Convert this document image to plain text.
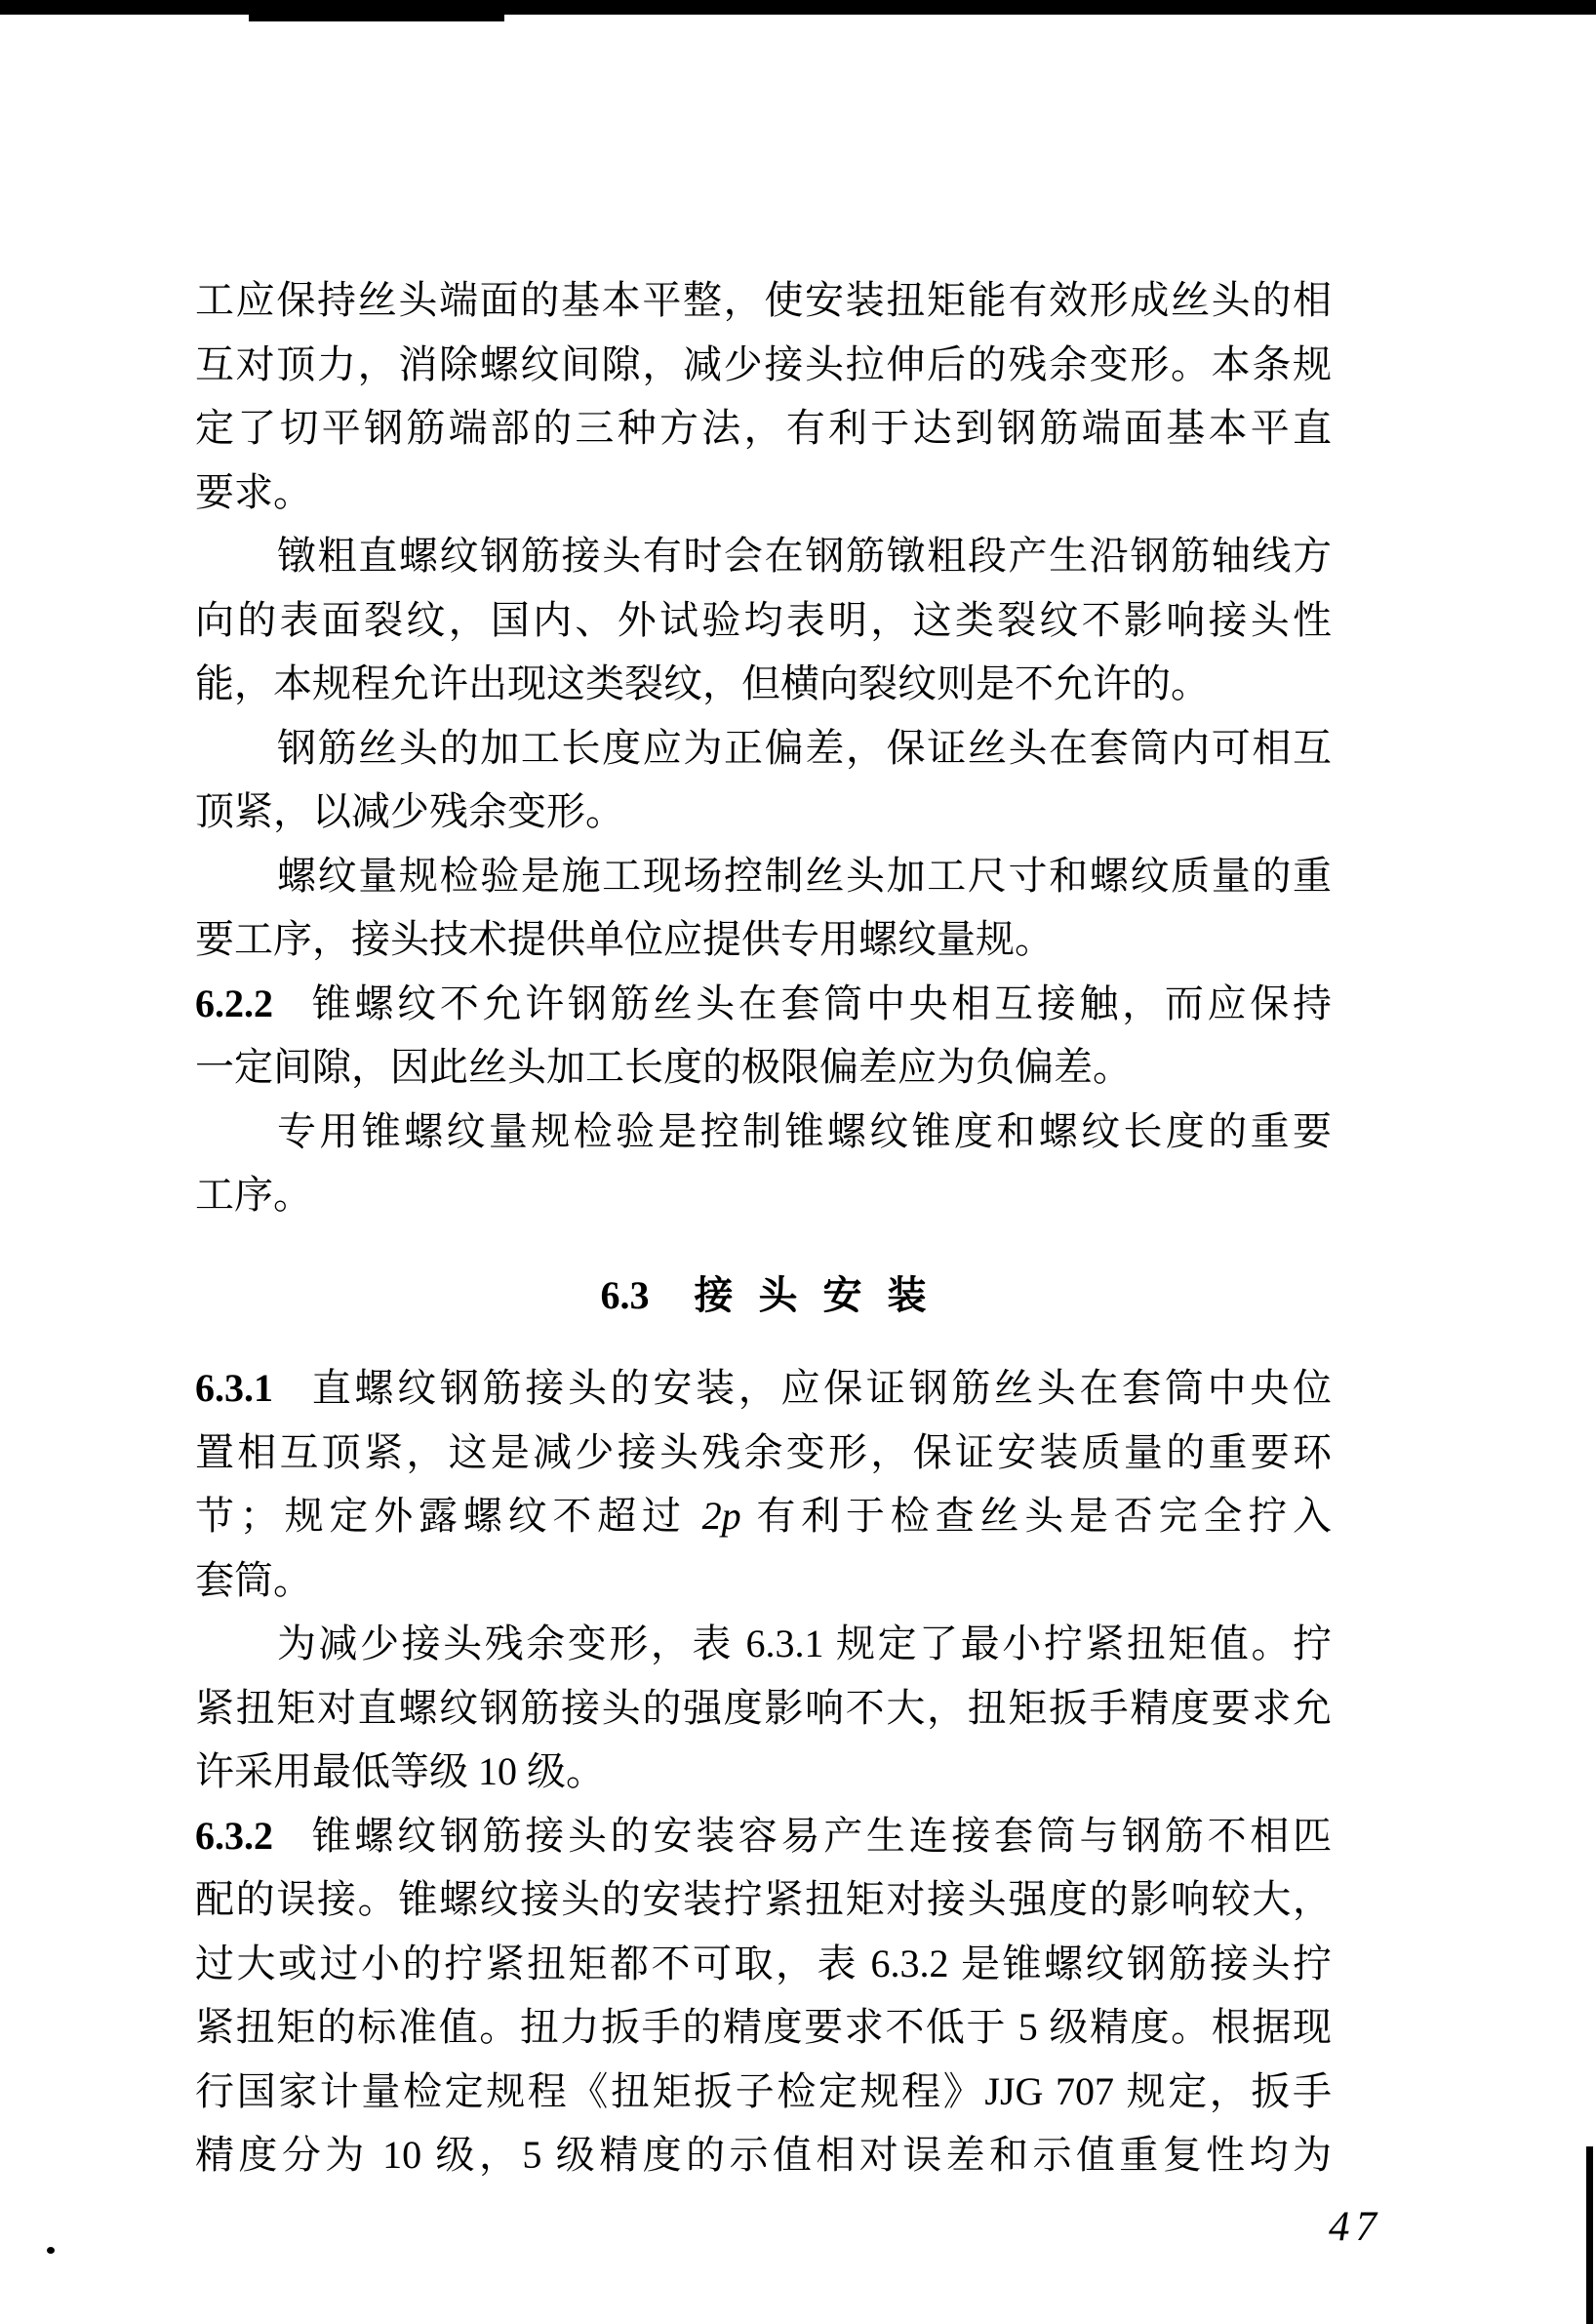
工应保持丝头端面的基本平整，使安装扭矩能有效形成丝头的相
互对顶力，消除螺纹间隙，减少接头拉伸后的残余变形。本条规
定了切平钢筋端部的三种方法，有利于达到钢筋端面基本平直
要求。
镦粗直螺纹钢筋接头有时会在钢筋镦粗段产生沿钢筋轴线方
向的表面裂纹，国内、外试验均表明，这类裂纹不影响接头性
能，本规程允许出现这类裂纹，但横向裂纹则是不允许的。
钢筋丝头的加工长度应为正偏差，保证丝头在套筒内可相互
顶紧，以减少残余变形。
螺纹量规检验是施工现场控制丝头加工尺寸和螺纹质量的重
要工序，接头技术提供单位应提供专用螺纹量规。
6.2.2 锥螺纹不允许钢筋丝头在套筒中央相互接触，而应保持
一定间隙，因此丝头加工长度的极限偏差应为负偏差。
专用锥螺纹量规检验是控制锥螺纹锥度和螺纹长度的重要
工序。
6.3 接 头 安 装
6.3.1 直螺纹钢筋接头的安装，应保证钢筋丝头在套筒中央位
置相互顶紧，这是减少接头残余变形，保证安装质量的重要环
节；规定外露螺纹不超过 2p 有利于检查丝头是否完全拧入
套筒。
为减少接头残余变形，表 6.3.1 规定了最小拧紧扭矩值。拧
紧扭矩对直螺纹钢筋接头的强度影响不大，扭矩扳手精度要求允
许采用最低等级 10 级。
6.3.2 锥螺纹钢筋接头的安装容易产生连接套筒与钢筋不相匹
配的误接。锥螺纹接头的安装拧紧扭矩对接头强度的影响较大，
过大或过小的拧紧扭矩都不可取，表 6.3.2 是锥螺纹钢筋接头拧
紧扭矩的标准值。扭力扳手的精度要求不低于 5 级精度。根据现
行国家计量检定规程《扭矩扳子检定规程》JJG 707 规定，扳手
精度分为 10 级，5 级精度的示值相对误差和示值重复性均为
47
